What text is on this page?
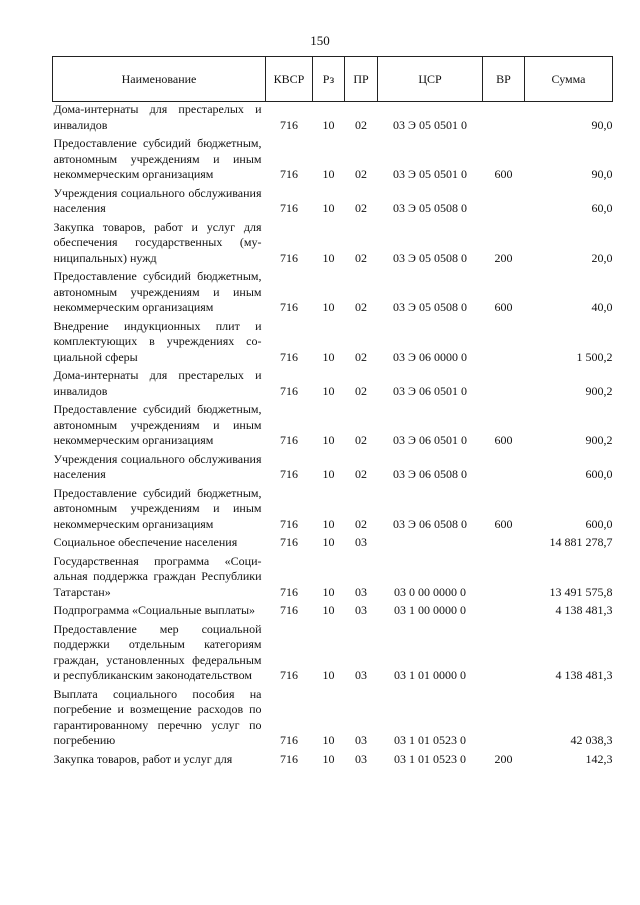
150
Наименование	КВСР	Рз	ПР	ЦСР	ВР	Сумма
Дома-интернаты для престарелых и инвалидов	716	10	02	03 Э 05 0501 0		90,0
Предоставление субсидий бюджетным, автономным учреждениям и иным некоммерческим организациям	716	10	02	03 Э 05 0501 0	600	90,0
Учреждения социального обслуживания населения	716	10	02	03 Э 05 0508 0		60,0
Закупка товаров, работ и услуг для обеспечения государственных (муниципальных) нужд	716	10	02	03 Э 05 0508 0	200	20,0
Предоставление субсидий бюджетным, автономным учреждениям и иным некоммерческим организациям	716	10	02	03 Э 05 0508 0	600	40,0
Внедрение индукционных плит и комплектующих в учреждениях социальной сферы	716	10	02	03 Э 06 0000 0		1 500,2
Дома-интернаты для престарелых и инвалидов	716	10	02	03 Э 06 0501 0		900,2
Предоставление субсидий бюджетным, автономным учреждениям и иным некоммерческим организациям	716	10	02	03 Э 06 0501 0	600	900,2
Учреждения социального обслуживания населения	716	10	02	03 Э 06 0508 0		600,0
Предоставление субсидий бюджетным, автономным учреждениям и иным некоммерческим организациям	716	10	02	03 Э 06 0508 0	600	600,0
Социальное обеспечение населения	716	10	03			14 881 278,7
Государственная программа «Социальная поддержка граждан Республики Татарстан»	716	10	03	03 0 00 0000 0		13 491 575,8
Подпрограмма «Социальные выплаты»	716	10	03	03 1 00 0000 0		4 138 481,3
Предоставление мер социальной поддержки отдельным категориям граждан, установленных федеральным и республиканским законодательством	716	10	03	03 1 01 0000 0		4 138 481,3
Выплата социального пособия на погребение и возмещение расходов по гарантированному перечню услуг по погребению	716	10	03	03 1 01 0523 0		42 038,3
Закупка товаров, работ и услуг для	716	10	03	03 1 01 0523 0	200	142,3
